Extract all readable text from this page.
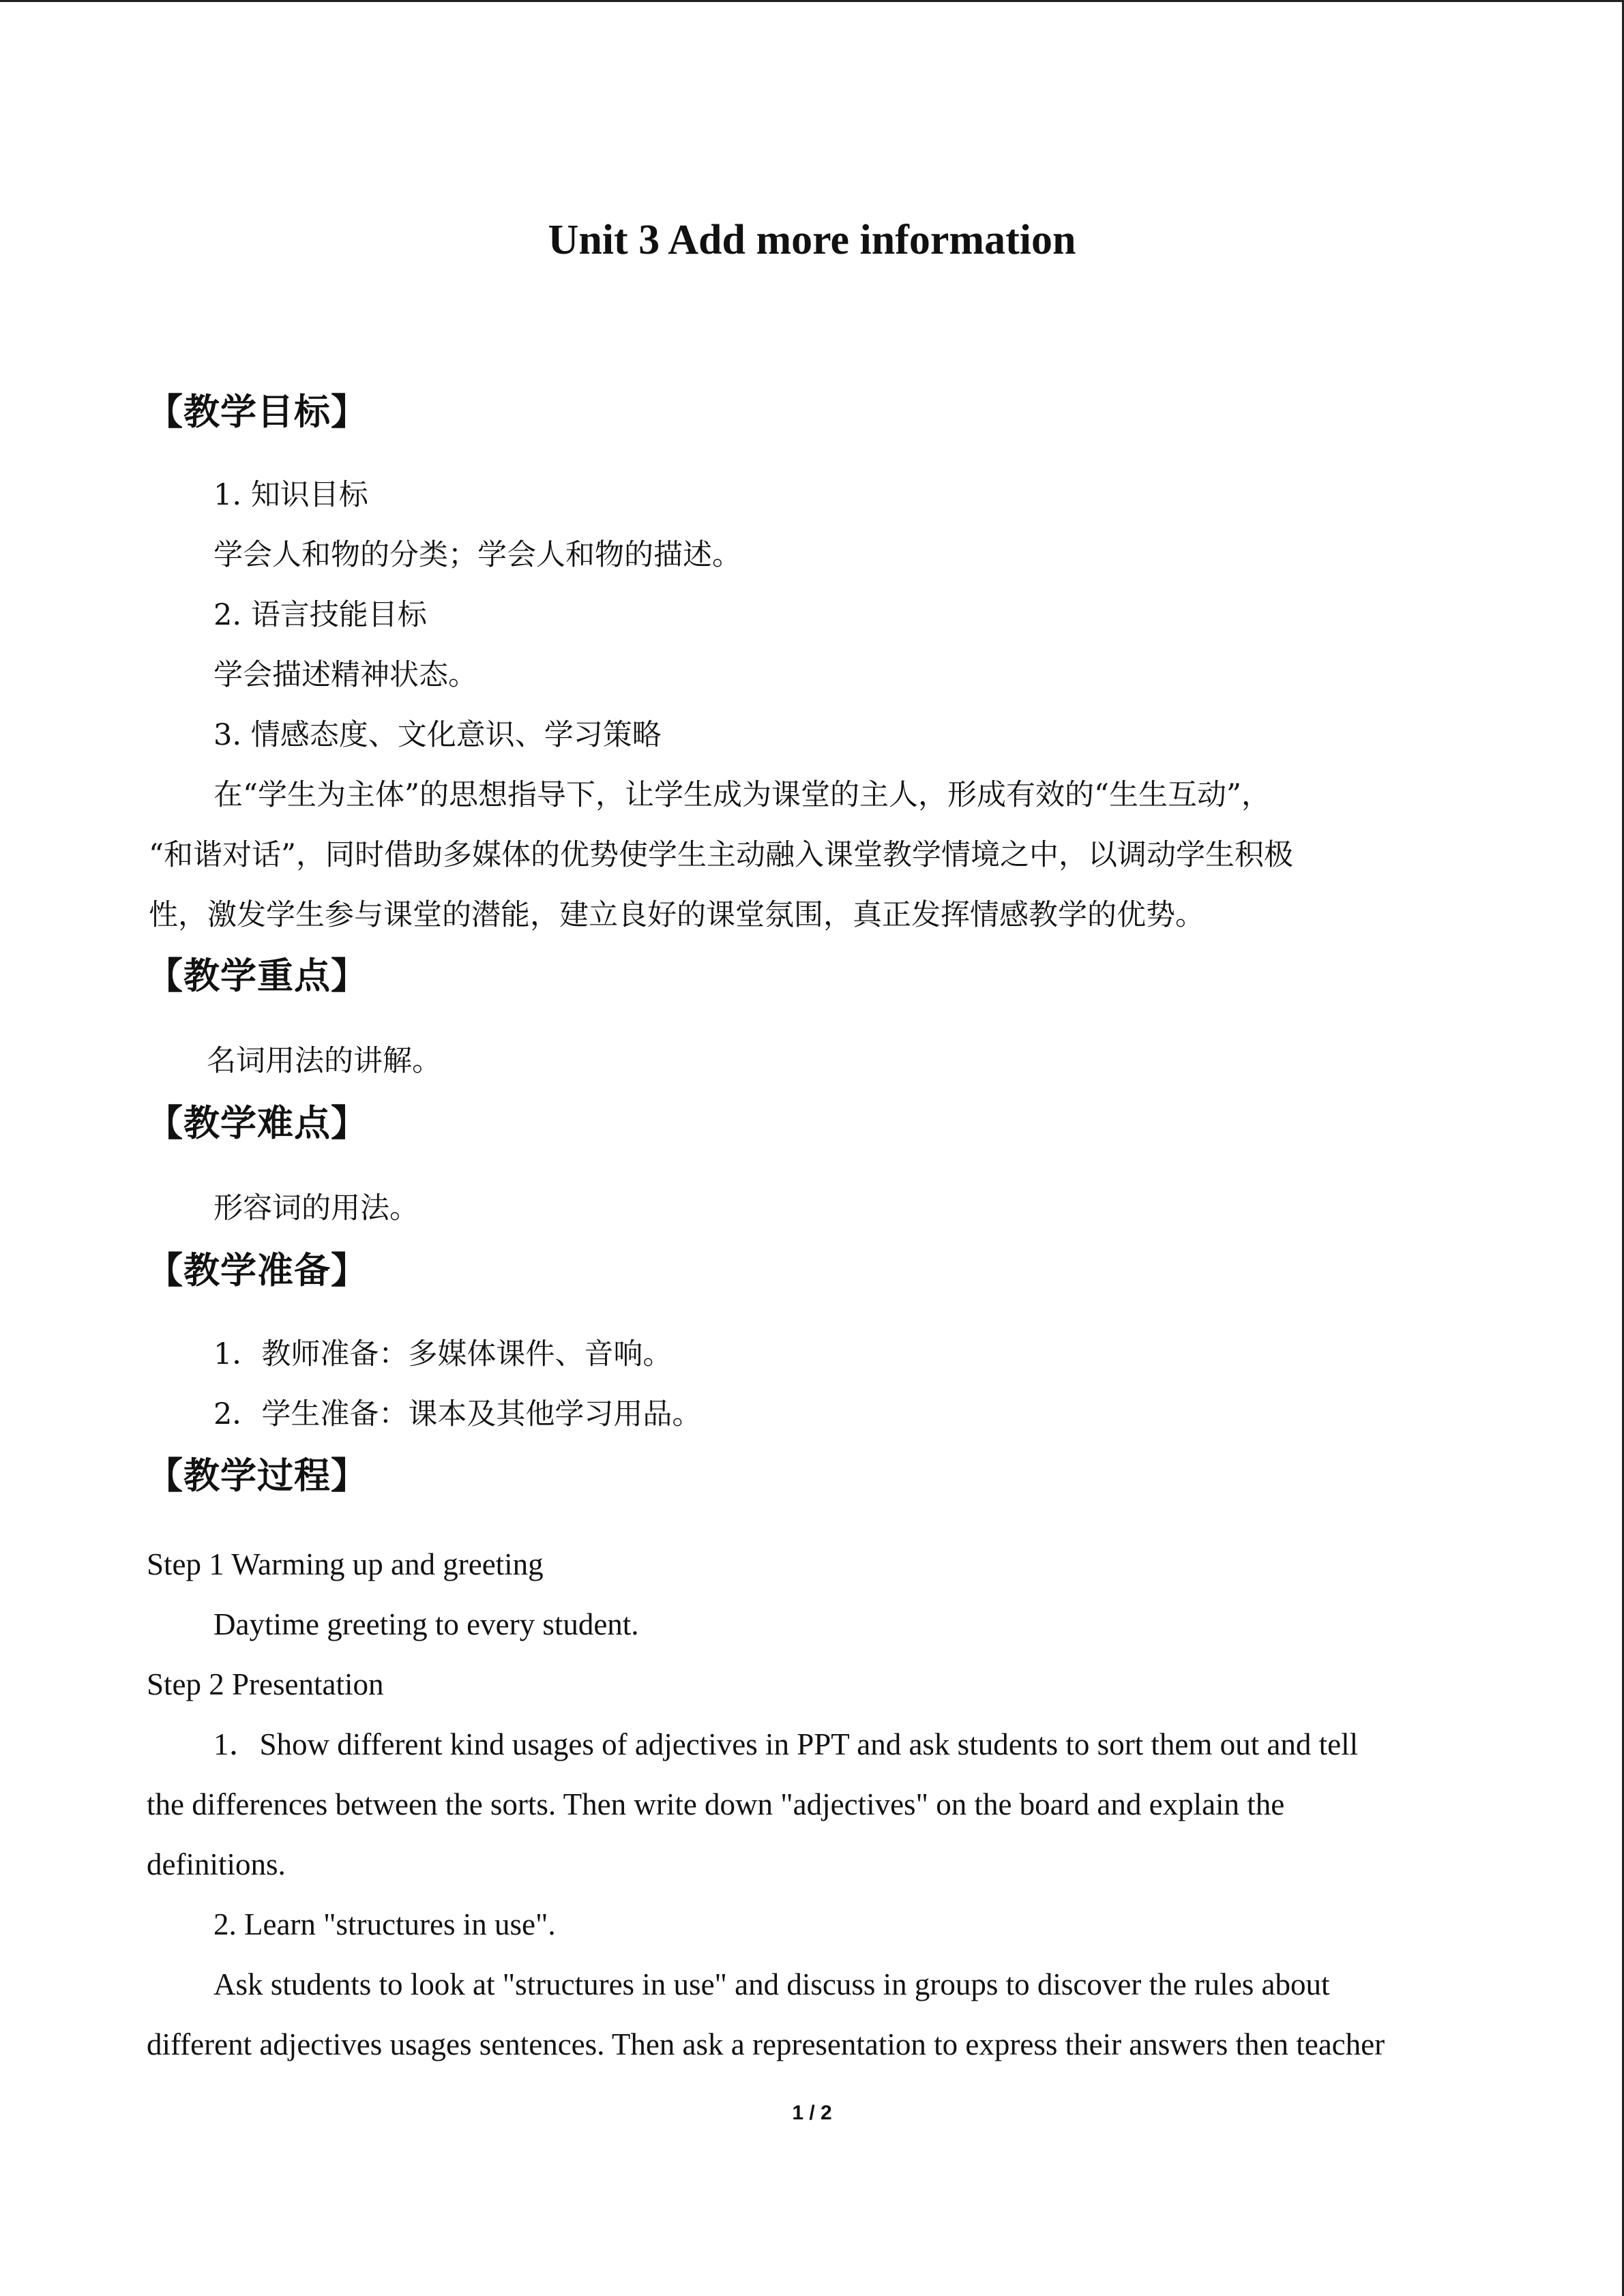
Unit 3 Add more information
【教学目标】
1. 知识目标
学会人和物的分类；学会人和物的描述。
2. 语言技能目标
学会描述精神状态。
3. 情感态度、文化意识、学习策略
在“学生为主体”的思想指导下，让学生成为课堂的主人，形成有效的“生生互动”，
“和谐对话”，同时借助多媒体的优势使学生主动融入课堂教学情境之中，以调动学生积极
性，激发学生参与课堂的潜能，建立良好的课堂氛围，真正发挥情感教学的优势。
【教学重点】
名词用法的讲解。
【教学难点】
形容词的用法。
【教学准备】
1．教师准备：多媒体课件、音响。
2．学生准备：课本及其他学习用品。
【教学过程】
Step 1 Warming up and greeting
Daytime greeting to every student.
Step 2 Presentation
1．Show different kind usages of adjectives in PPT and ask students to sort them out and tell
the differences between the sorts. Then write down "adjectives" on the board and explain the
definitions.
2. Learn "structures in use".
Ask students to look at "structures in use" and discuss in groups to discover the rules about
different adjectives usages sentences. Then ask a representation to express their answers then teacher
1 / 2
